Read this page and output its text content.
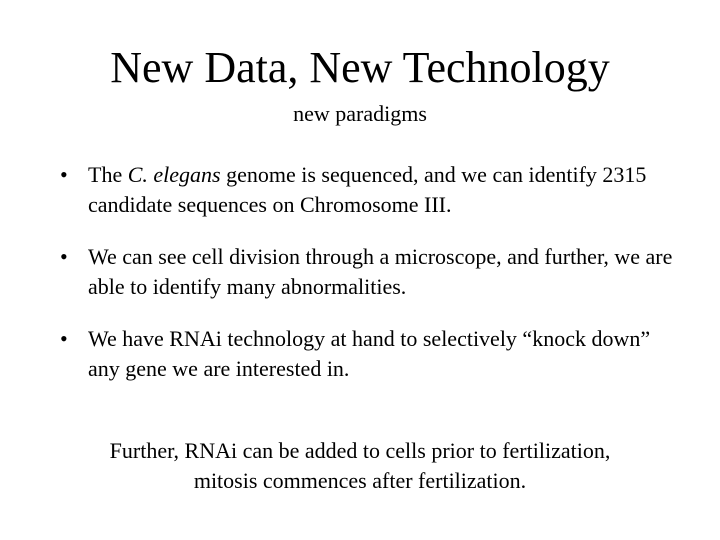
New Data, New Technology
new paradigms
• The C. elegans genome is sequenced, and we can identify 2315 candidate sequences on Chromosome III.
• We can see cell division through a microscope, and further, we are able to identify many abnormalities.
• We have RNAi technology at hand to selectively “knock down” any gene we are interested in.
Further, RNAi can be added to cells prior to fertilization,
mitosis commences after fertilization.
